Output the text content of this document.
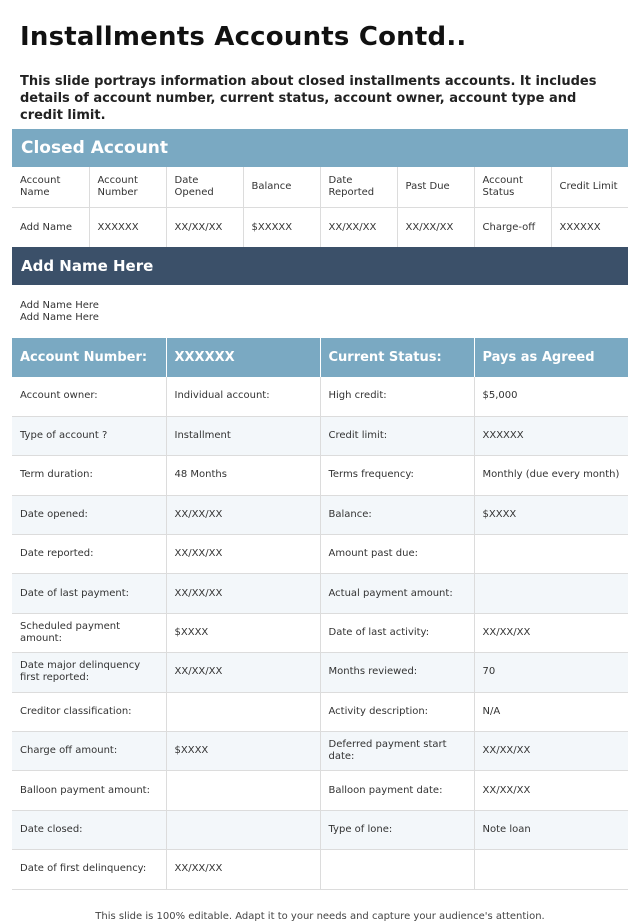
Installments Accounts Contd..
This slide portrays information about closed installments accounts. It includes details of account number, current status, account owner, account type and credit limit.
Closed Account
Account Name	Account Number	Date Opened	Balance	Date Reported	Past Due	Account Status	Credit Limit
Add Name	XXXXXX	XX/XX/XX	$XXXXX	XX/XX/XX	XX/XX/XX	Charge-off	XXXXXX
Add Name Here
Add Name Here
Add Name Here
Account Number:	XXXXXX	Current Status:	Pays as Agreed
Account owner:	Individual account:	High credit:	$5,000
Type of account ?	Installment	Credit limit:	XXXXXX
Term duration:	48 Months	Terms frequency:	Monthly (due every month)
Date opened:	XX/XX/XX	Balance:	$XXXX
Date reported:	XX/XX/XX	Amount past due:	
Date of last payment:	XX/XX/XX	Actual payment amount:	
Scheduled payment amount:	$XXXX	Date of last activity:	XX/XX/XX
Date major delinquency first reported:	XX/XX/XX	Months reviewed:	70
Creditor classification:		Activity description:	N/A
Charge off amount:	$XXXX	Deferred payment start date:	XX/XX/XX
Balloon payment amount:		Balloon payment date:	XX/XX/XX
Date closed:		Type of lone:	Note loan
Date of first delinquency:	XX/XX/XX		
This slide is 100% editable. Adapt it to your needs and capture your audience's attention.
